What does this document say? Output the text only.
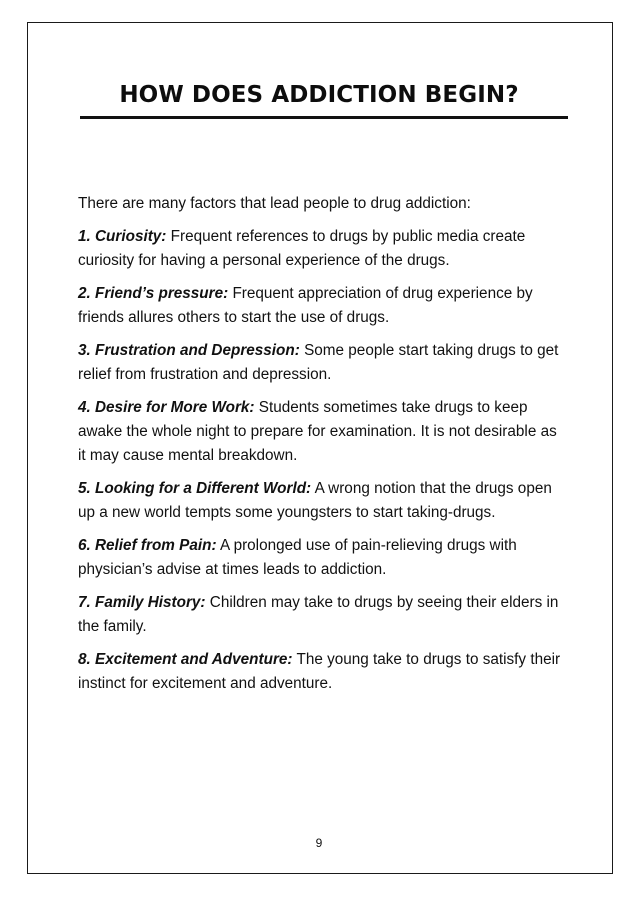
HOW DOES ADDICTION BEGIN?

There are many factors that lead people to drug addiction:

1. Curiosity: Frequent references to drugs by public media create curiosity for having a personal experience of the drugs.

2. Friend’s pressure: Frequent appreciation of drug experience by friends allures others to start the use of drugs.

3. Frustration and Depression: Some people start taking drugs to get relief from frustration and depression.

4. Desire for More Work: Students sometimes take drugs to keep awake the whole night to prepare for examination. It is not desirable as it may cause mental breakdown.

5. Looking for a Different World: A wrong notion that the drugs open up a new world tempts some youngsters to start taking-drugs.

6. Relief from Pain: A prolonged use of pain-relieving drugs with physician’s advise at times leads to addiction.

7. Family History: Children may take to drugs by seeing their elders in the family.

8. Excitement and Adventure: The young take to drugs to satisfy their instinct for excitement and adventure.

9
